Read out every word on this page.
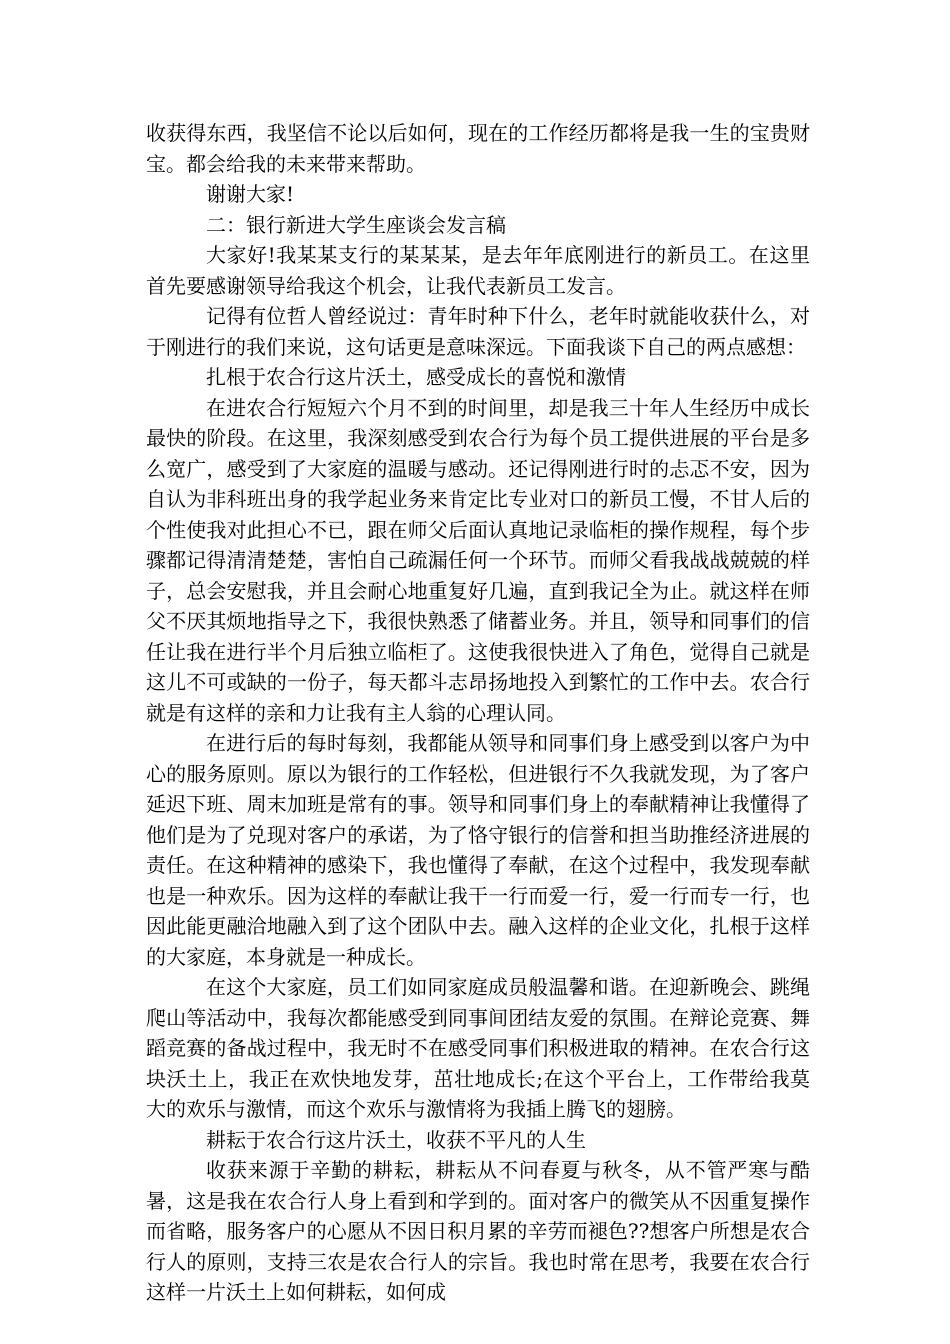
收获得东西，我坚信不论以后如何，现在的工作经历都将是我一生的宝贵财宝。都会给我的未来带来帮助。

谢谢大家!

二：银行新进大学生座谈会发言稿

大家好!我某某支行的某某某，是去年年底刚进行的新员工。在这里首先要感谢领导给我这个机会，让我代表新员工发言。

记得有位哲人曾经说过：青年时种下什么，老年时就能收获什么，对于刚进行的我们来说，这句话更是意味深远。下面我谈下自己的两点感想：

扎根于农合行这片沃土，感受成长的喜悦和激情

在进农合行短短六个月不到的时间里，却是我三十年人生经历中成长最快的阶段。在这里，我深刻感受到农合行为每个员工提供进展的平台是多么宽广，感受到了大家庭的温暖与感动。还记得刚进行时的忐忑不安，因为自认为非科班出身的我学起业务来肯定比专业对口的新员工慢，不甘人后的个性使我对此担心不已，跟在师父后面认真地记录临柜的操作规程，每个步骤都记得清清楚楚，害怕自己疏漏任何一个环节。而师父看我战战兢兢的样子，总会安慰我，并且会耐心地重复好几遍，直到我记全为止。就这样在师父不厌其烦地指导之下，我很快熟悉了储蓄业务。并且，领导和同事们的信任让我在进行半个月后独立临柜了。这使我很快进入了角色，觉得自己就是这儿不可或缺的一份子，每天都斗志昂扬地投入到繁忙的工作中去。农合行就是有这样的亲和力让我有主人翁的心理认同。

在进行后的每时每刻，我都能从领导和同事们身上感受到以客户为中心的服务原则。原以为银行的工作轻松，但进银行不久我就发现，为了客户延迟下班、周末加班是常有的事。领导和同事们身上的奉献精神让我懂得了他们是为了兑现对客户的承诺，为了恪守银行的信誉和担当助推经济进展的责任。在这种精神的感染下，我也懂得了奉献，在这个过程中，我发现奉献也是一种欢乐。因为这样的奉献让我干一行而爱一行，爱一行而专一行，也因此能更融洽地融入到了这个团队中去。融入这样的企业文化，扎根于这样的大家庭，本身就是一种成长。

在这个大家庭，员工们如同家庭成员般温馨和谐。在迎新晚会、跳绳爬山等活动中，我每次都能感受到同事间团结友爱的氛围。在辩论竞赛、舞蹈竞赛的备战过程中，我无时不在感受同事们积极进取的精神。在农合行这块沃土上，我正在欢快地发芽，茁壮地成长;在这个平台上，工作带给我莫大的欢乐与激情，而这个欢乐与激情将为我插上腾飞的翅膀。

耕耘于农合行这片沃土，收获不平凡的人生

收获来源于辛勤的耕耘，耕耘从不问春夏与秋冬，从不管严寒与酷暑，这是我在农合行人身上看到和学到的。面对客户的微笑从不因重复操作而省略，服务客户的心愿从不因日积月累的辛劳而褪色??想客户所想是农合行人的原则，支持三农是农合行人的宗旨。我也时常在思考，我要在农合行这样一片沃土上如何耕耘，如何成
